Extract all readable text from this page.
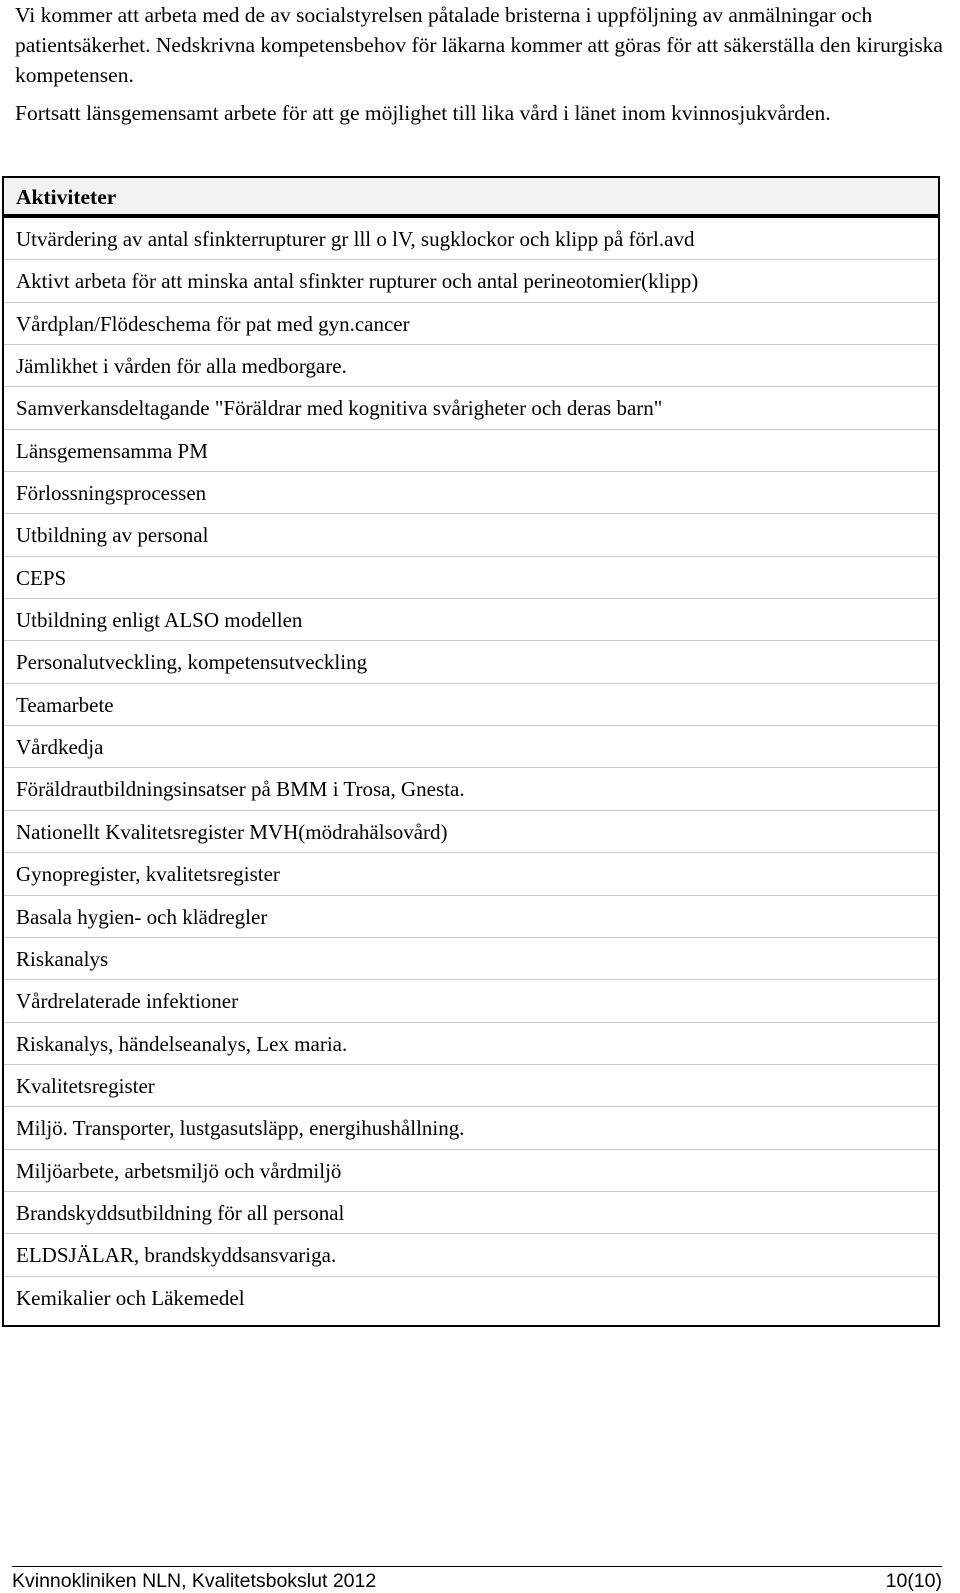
Vi kommer att arbeta med de av socialstyrelsen påtalade bristerna i uppföljning av anmälningar och patientsäkerhet. Nedskrivna kompetensbehov för läkarna kommer att göras för att säkerställa den kirurgiska kompetensen.

Fortsatt länsgemensamt arbete för att ge möjlighet till lika vård i länet inom kvinnosjukvården.

Aktiviteter
Utvärdering av antal sfinkterrupturer gr lll o lV, sugklockor och klipp på förl.avd
Aktivt arbeta för att minska antal sfinkter rupturer och antal perineotomier(klipp)
Vårdplan/Flödeschema för pat med gyn.cancer
Jämlikhet i vården för alla medborgare.
Samverkansdeltagande "Föräldrar med kognitiva svårigheter och deras barn"
Länsgemensamma PM
Förlossningsprocessen
Utbildning av personal
CEPS
Utbildning enligt ALSO modellen
Personalutveckling, kompetensutveckling
Teamarbete
Vårdkedja
Föräldrautbildningsinsatser på BMM i Trosa, Gnesta.
Nationellt Kvalitetsregister MVH(mödrahälsovård)
Gynopregister, kvalitetsregister
Basala hygien- och klädregler
Riskanalys
Vårdrelaterade infektioner
Riskanalys, händelseanalys, Lex maria.
Kvalitetsregister
Miljö. Transporter, lustgasutsläpp, energihushållning.
Miljöarbete, arbetsmiljö och vårdmiljö
Brandskyddsutbildning för all personal
ELDSJÄLAR, brandskyddsansvariga.
Kemikalier och Läkemedel
Kvinnokliniken NLN, Kvalitetsbokslut 2012	10(10)
